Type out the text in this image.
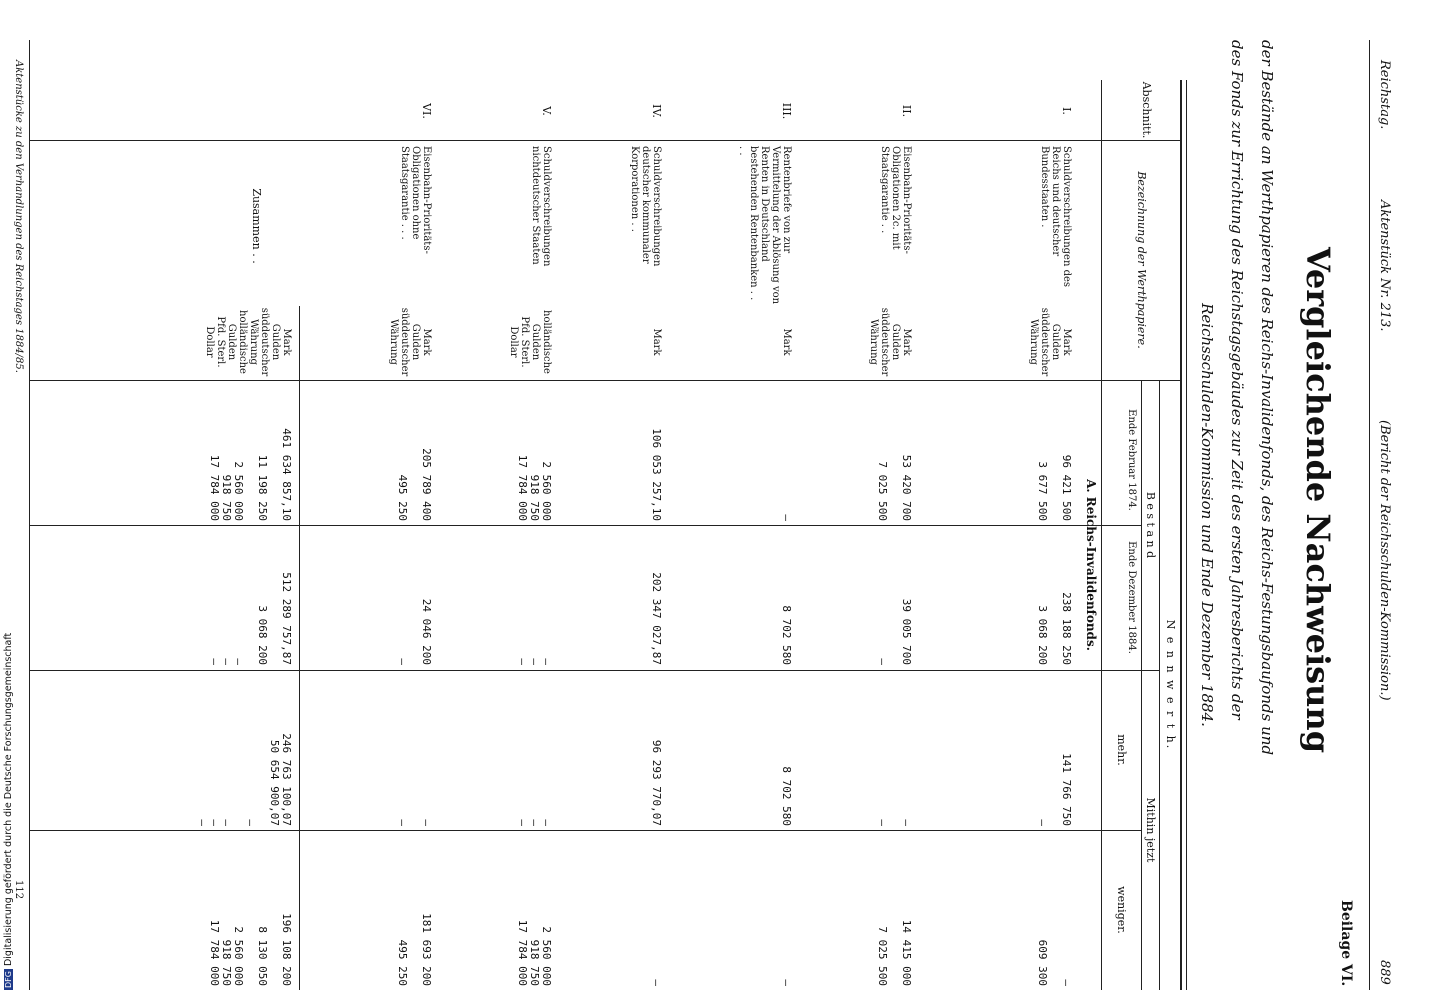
DFGDigitalisierung gefördert durch die Deutsche Forschungsgemeinschaft
Reichstag.
Aktenstück Nr. 213.
(Bericht der Reichsschulden-Kommission.)
889
Beilage VI.
Vergleichende Nachweisung
der Bestände an Werthpapieren des Reichs-Invalidenfonds, des Reichs-Festungsbaufonds und
des Fonds zur Errichtung des Reichstagsgebäudes zur Zeit des ersten Jahresberichts der
Reichsschulden-Kommission und Ende Dezember 1884.
Abschnitt.
Bezeichnung der Werthpapiere.
N e n n w e r t h.
B e s t a n d
Mithin jetzt
Ende Februar 1874.
Ende Dezember 1884.
mehr.
weniger.
A. Reichs-Invalidenfonds.
I.
Schuldverschreibungen des Reichs und deutscher Bundesstaaten .
Mark
Gulden
süddeutscher
Währung
96 421 500

3 677 500
238 188 250

3 068 200
141 766 750

—
—

609 300
II.
Eisenbahn-Prioritäts-Obligationen 2c. mit Staatsgarantie . .
Mark
Gulden
süddeutscher
Währung
53 420 700

7 025 500
39 005 700

—
—

—
14 415 000

7 025 500
III.
Rentenbriefe von zur Vermittelung der Ablösung von Renten in Deutschland bestehenden Rentenbanken . . . .
Mark
—
8 702 580
8 702 580
—
IV.
Schuldverschreibungen deutscher kommunaler Korporationen . .
Mark
106 053 257,10
202 347 027,87
96 293 770,07
—
V.
Schuldverschreibungen nichtdeutscher Staaten
holländische
Gulden
Pfd. Sterl.
Dollar
2 560 000
918 750
17 784 000
—
—
—
—
—
—
2 560 000
918 750
17 784 000
VI.
Eisenbahn-Prioritäts-Obligationen ohne Staatsgarantie . . .
Mark
Gulden
süddeutscher
Währung
205 789 400

495 250
24 046 200

—
—

—
181 693 200

495 250
Zusammen . .
Mark
Gulden
süddeutscher
Währung
holländische
Gulden
Pfd. Sterl.
Dollar
461 634 857,10

11 198 250

2 560 000
918 750
17 784 000
512 289 757,87

3 068 200

—
—
—
246 763 100,07
50 654 900,07

—

—
—
—
196 108 200

8 130 050

2 560 000
918 750
17 784 000
Aktenstücke zu den Verhandlungen des Reichstages 1884/85.
112
